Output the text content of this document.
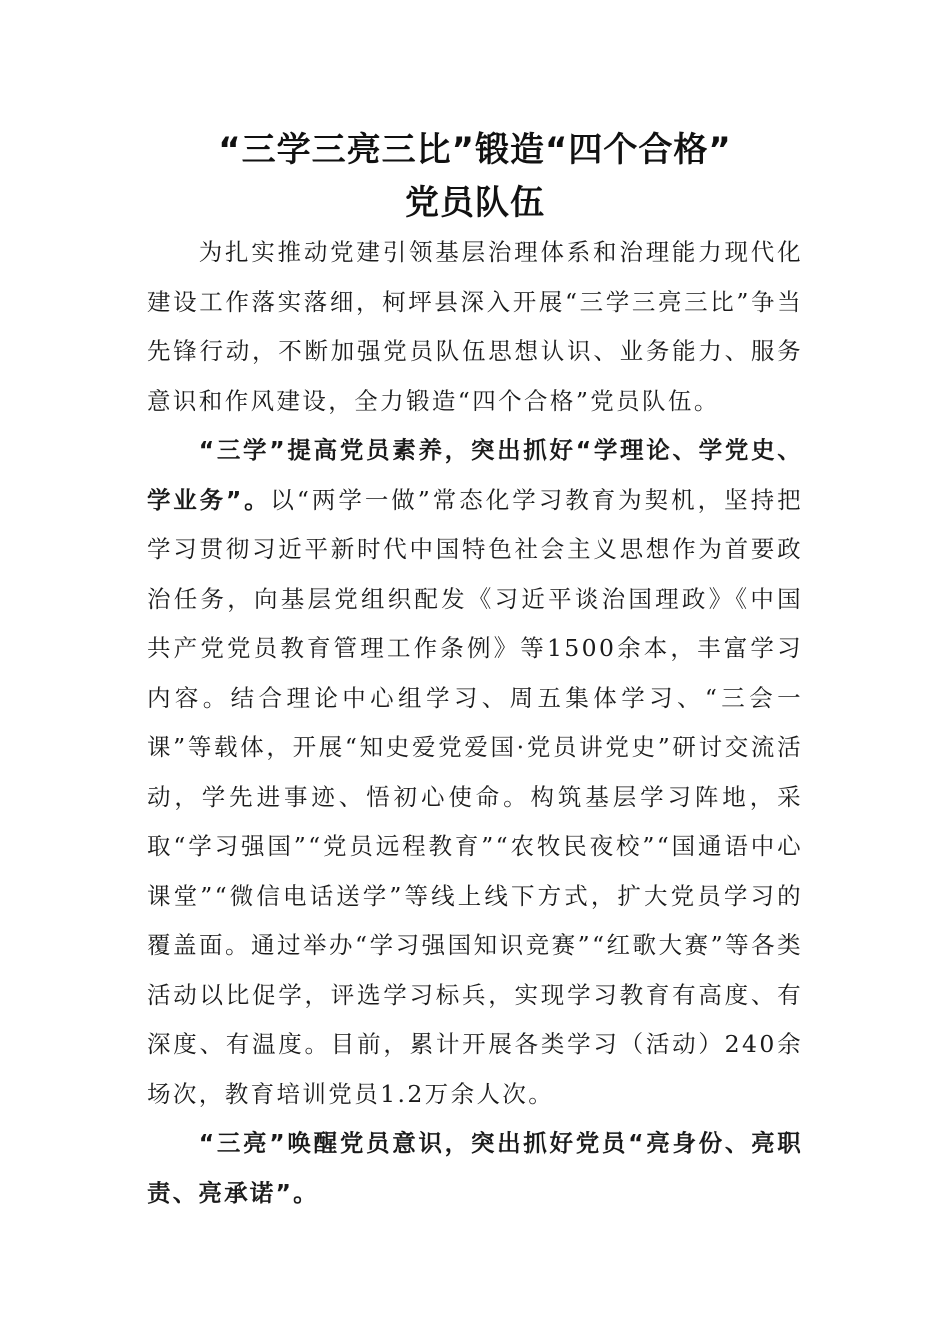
“三学三亮三比”锻造“四个合格”
党员队伍

为扎实推动党建引领基层治理体系和治理能力现代化建设工作落实落细，柯坪县深入开展“三学三亮三比”争当先锋行动，不断加强党员队伍思想认识、业务能力、服务意识和作风建设，全力锻造“四个合格”党员队伍。

“三学”提高党员素养，突出抓好“学理论、学党史、学业务”。以“两学一做”常态化学习教育为契机，坚持把学习贯彻习近平新时代中国特色社会主义思想作为首要政治任务，向基层党组织配发《习近平谈治国理政》《中国共产党党员教育管理工作条例》等1500余本，丰富学习内容。结合理论中心组学习、周五集体学习、“三会一课”等载体，开展“知史爱党爱国·党员讲党史”研讨交流活动，学先进事迹、悟初心使命。构筑基层学习阵地，采取“学习强国”“党员远程教育”“农牧民夜校”“国通语中心课堂”“微信电话送学”等线上线下方式，扩大党员学习的覆盖面。通过举办“学习强国知识竞赛”“红歌大赛”等各类活动以比促学，评选学习标兵，实现学习教育有高度、有深度、有温度。目前，累计开展各类学习（活动）240余场次，教育培训党员1.2万余人次。

“三亮”唤醒党员意识，突出抓好党员“亮身份、亮职责、亮承诺”。
